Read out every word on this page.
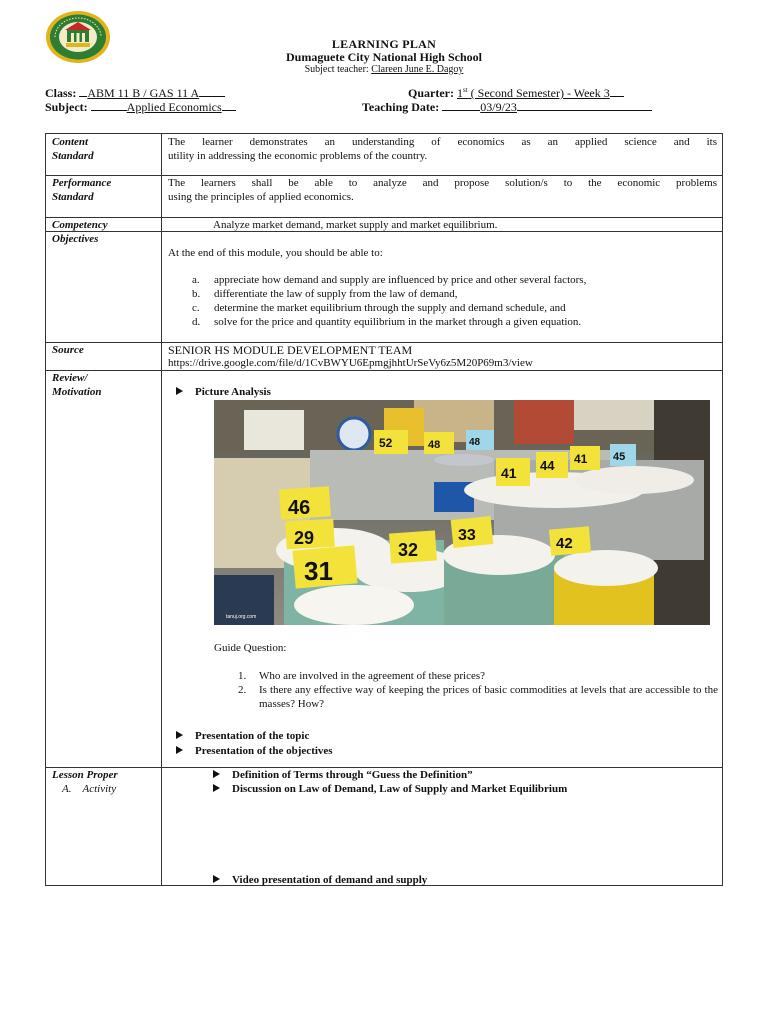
LEARNING PLAN
Dumaguete City National High School
Subject teacher: Clareen June E. Dagoy
Class: ABM 11 B / GAS 11 A
Subject:	Applied Economics
Quarter: 1st ( Second Semester) - Week 3
Teaching Date:	03/9/23
Content
Standard
The learner demonstrates an understanding of economics as an applied science and its
utility in addressing the economic problems of the country.
Performance
Standard
The learners shall be able to analyze and propose solution/s to the economic problems
using the principles of applied economics.
Competency	Analyze market demand, market supply and market equilibrium.
Objectives
At the end of this module, you should be able to:
a. appreciate how demand and supply are influenced by price and other several factors,
b. differentiate the law of supply from the law of demand,
c. determine the market equilibrium through the supply and demand schedule, and
d. solve for the price and quantity equilibrium in the market through a given equation.
Source	SENIOR HS MODULE DEVELOPMENT TEAM
https://drive.google.com/file/d/1CvBWYU6EpmgjhhtUrSeVy6z5M20P69m3/view
Review/
Motivation	Picture Analysis
tanuj.org.com
46
29
31
32
33	42
41 44 41 45
52	48	48
Guide Question:
1. Who are involved in the agreement of these prices?
2. Is there any effective way of keeping the prices of basic commodities at levels that are accessible to the masses? How?
Presentation of the topic
Presentation of the objectives
Lesson Proper
A. Activity
Definition of Terms through “Guess the Definition”
Discussion on Law of Demand, Law of Supply and Market Equilibrium
Video presentation of demand and supply
